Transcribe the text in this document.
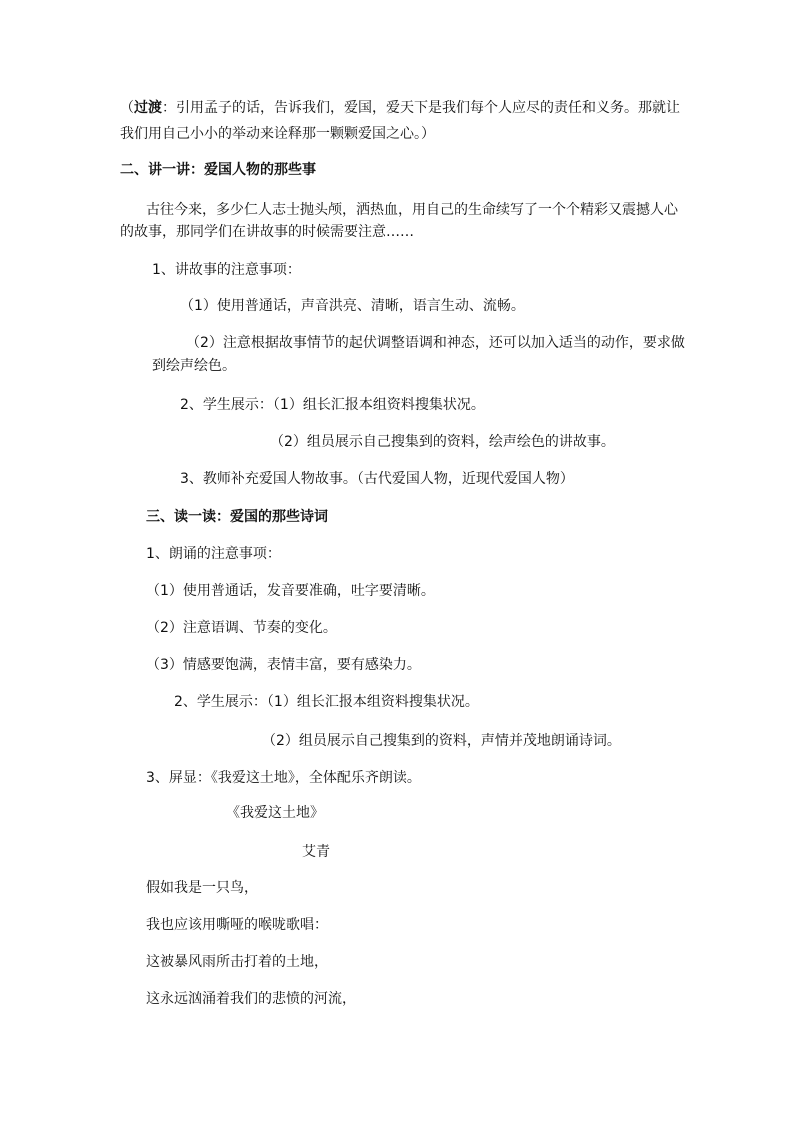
（过渡：引用孟子的话，告诉我们，爱国，爱天下是我们每个人应尽的责任和义务。那就让
我们用自己小小的举动来诠释那一颗颗爱国之心。）
二、讲一讲：爱国人物的那些事
古往今来，多少仁人志士抛头颅，洒热血，用自己的生命续写了一个个精彩又震撼人心
的故事，那同学们在讲故事的时候需要注意……
1、讲故事的注意事项：
（1）使用普通话，声音洪亮、清晰，语言生动、流畅。
（2）注意根据故事情节的起伏调整语调和神态，还可以加入适当的动作，要求做
到绘声绘色。
2、学生展示：（1）组长汇报本组资料搜集状况。
（2）组员展示自己搜集到的资料，绘声绘色的讲故事。
3、教师补充爱国人物故事。（古代爱国人物，近现代爱国人物）
三、读一读：爱国的那些诗词
1、朗诵的注意事项：
（1）使用普通话，发音要准确，吐字要清晰。
（2）注意语调、节奏的变化。
（3）情感要饱满，表情丰富，要有感染力。
2、学生展示：（1）组长汇报本组资料搜集状况。
（2）组员展示自己搜集到的资料，声情并茂地朗诵诗词。
3、屏显：《我爱这土地》，全体配乐齐朗读。
《我爱这土地》
艾青
假如我是一只鸟，
我也应该用嘶哑的喉咙歌唱：
这被暴风雨所击打着的土地，
这永远汹涌着我们的悲愤的河流，
